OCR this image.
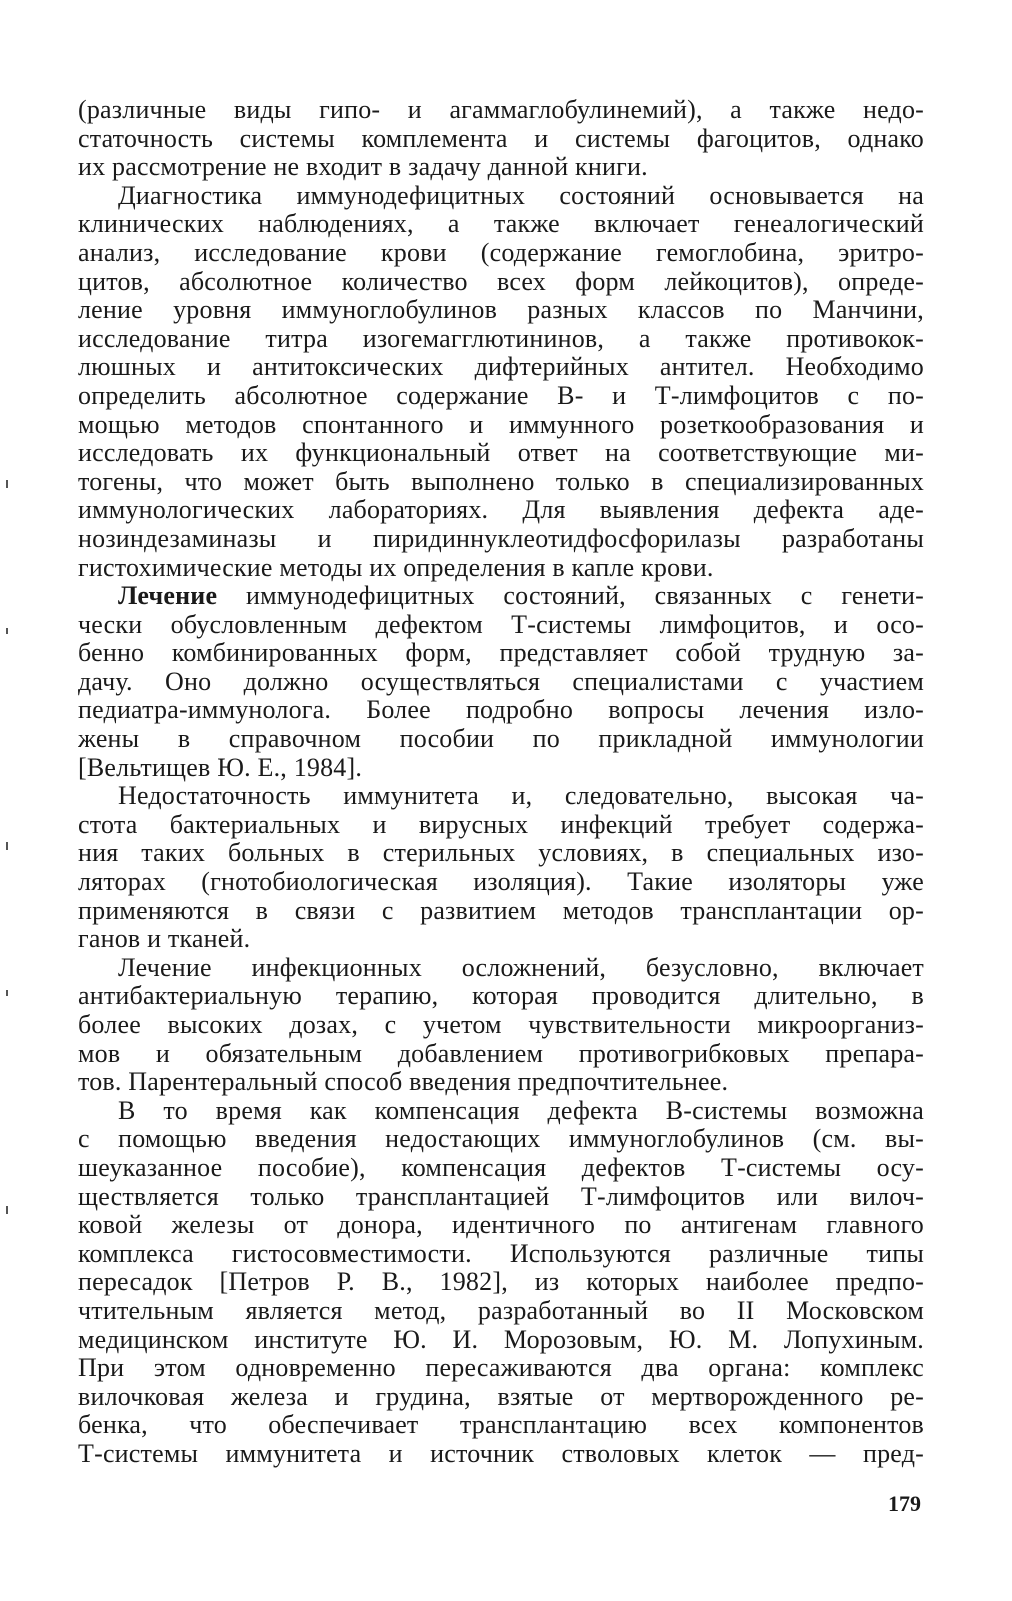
(различные виды гипо- и агаммаглобулинемий), а также недо-
статочность системы комплемента и системы фагоцитов, однако
их рассмотрение не входит в задачу данной книги.
Диагностика иммунодефицитных состояний основывается на
клинических наблюдениях, а также включает генеалогический
анализ, исследование крови (содержание гемоглобина, эритро-
цитов, абсолютное количество всех форм лейкоцитов), опреде-
ление уровня иммуноглобулинов разных классов по Манчини,
исследование титра изогемагглютининов, а также противокок-
люшных и антитоксических дифтерийных антител. Необходимо
определить абсолютное содержание В- и Т-лимфоцитов с по-
мощью методов спонтанного и иммунного розеткообразования и
исследовать их функциональный ответ на соответствующие ми-
тогены, что может быть выполнено только в специализированных
иммунологических лабораториях. Для выявления дефекта аде-
нозиндезаминазы и пиридиннуклеотидфосфорилазы разработаны
гистохимические методы их определения в капле крови.
Лечение иммунодефицитных состояний, связанных с генети-
чески обусловленным дефектом Т-системы лимфоцитов, и осо-
бенно комбинированных форм, представляет собой трудную за-
дачу. Оно должно осуществляться специалистами с участием
педиатра-иммунолога. Более подробно вопросы лечения изло-
жены в справочном пособии по прикладной иммунологии
[Вельтищев Ю. Е., 1984].
Недостаточность иммунитета и, следовательно, высокая ча-
стота бактериальных и вирусных инфекций требует содержа-
ния таких больных в стерильных условиях, в специальных изо-
ляторах (гнотобиологическая изоляция). Такие изоляторы уже
применяются в связи с развитием методов трансплантации ор-
ганов и тканей.
Лечение инфекционных осложнений, безусловно, включает
антибактериальную терапию, которая проводится длительно, в
более высоких дозах, с учетом чувствительности микроорганиз-
мов и обязательным добавлением противогрибковых препара-
тов. Парентеральный способ введения предпочтительнее.
В то время как компенсация дефекта В-системы возможна
с помощью введения недостающих иммуноглобулинов (см. вы-
шеуказанное пособие), компенсация дефектов Т-системы осу-
ществляется только трансплантацией Т-лимфоцитов или вилоч-
ковой железы от донора, идентичного по антигенам главного
комплекса гистосовместимости. Используются различные типы
пересадок [Петров Р. В., 1982], из которых наиболее предпо-
чтительным является метод, разработанный во II Московском
медицинском институте Ю. И. Морозовым, Ю. М. Лопухиным.
При этом одновременно пересаживаются два органа: комплекс
вилочковая железа и грудина, взятые от мертворожденного ре-
бенка, что обеспечивает трансплантацию всех компонентов
Т-системы иммунитета и источник стволовых клеток — пред-
179
